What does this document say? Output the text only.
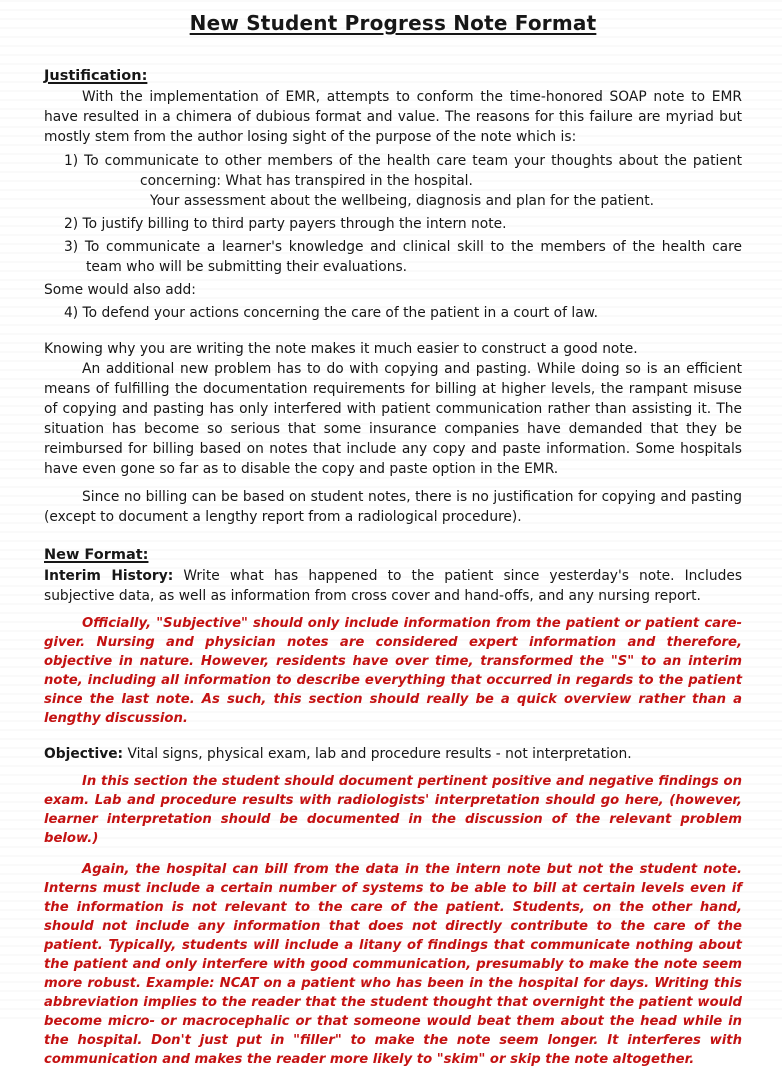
New Student Progress Note Format
Justification:

With the implementation of EMR, attempts to conform the time-honored SOAP note to EMR have resulted in a chimera of dubious format and value. The reasons for this failure are myriad but mostly stem from the author losing sight of the purpose of the note which is:

1) To communicate to other members of the health care team your thoughts about the patient

concerning: What has transpired in the hospital.

Your assessment about the wellbeing, diagnosis and plan for the patient.

2) To justify billing to third party payers through the intern note.

3) To communicate a learner's knowledge and clinical skill to the members of the health care team who will be submitting their evaluations.

Some would also add:

4) To defend your actions concerning the care of the patient in a court of law.

Knowing why you are writing the note makes it much easier to construct a good note.

An additional new problem has to do with copying and pasting. While doing so is an efficient means of fulfilling the documentation requirements for billing at higher levels, the rampant misuse of copying and pasting has only interfered with patient communication rather than assisting it. The situation has become so serious that some insurance companies have demanded that they be reimbursed for billing based on notes that include any copy and paste information. Some hospitals have even gone so far as to disable the copy and paste option in the EMR.

Since no billing can be based on student notes, there is no justification for copying and pasting (except to document a lengthy report from a radiological procedure).

New Format:

Interim History: Write what has happened to the patient since yesterday's note. Includes subjective data, as well as information from cross cover and hand-offs, and any nursing report.

Officially, "Subjective" should only include information from the patient or patient care-giver. Nursing and physician notes are considered expert information and therefore, objective in nature. However, residents have over time, transformed the "S" to an interim note, including all information to describe everything that occurred in regards to the patient since the last note. As such, this section should really be a quick overview rather than a lengthy discussion.

Objective: Vital signs, physical exam, lab and procedure results - not interpretation.

In this section the student should document pertinent positive and negative findings on exam. Lab and procedure results with radiologists' interpretation should go here, (however, learner interpretation should be documented in the discussion of the relevant problem below.)

Again, the hospital can bill from the data in the intern note but not the student note. Interns must include a certain number of systems to be able to bill at certain levels even if the information is not relevant to the care of the patient. Students, on the other hand, should not include any information that does not directly contribute to the care of the patient. Typically, students will include a litany of findings that communicate nothing about the patient and only interfere with good communication, presumably to make the note seem more robust. Example: NCAT on a patient who has been in the hospital for days. Writing this abbreviation implies to the reader that the student thought that overnight the patient would become micro- or macrocephalic or that someone would beat them about the head while in the hospital. Don't just put in "filler" to make the note seem longer. It interferes with communication and makes the reader more likely to "skim" or skip the note altogether.
